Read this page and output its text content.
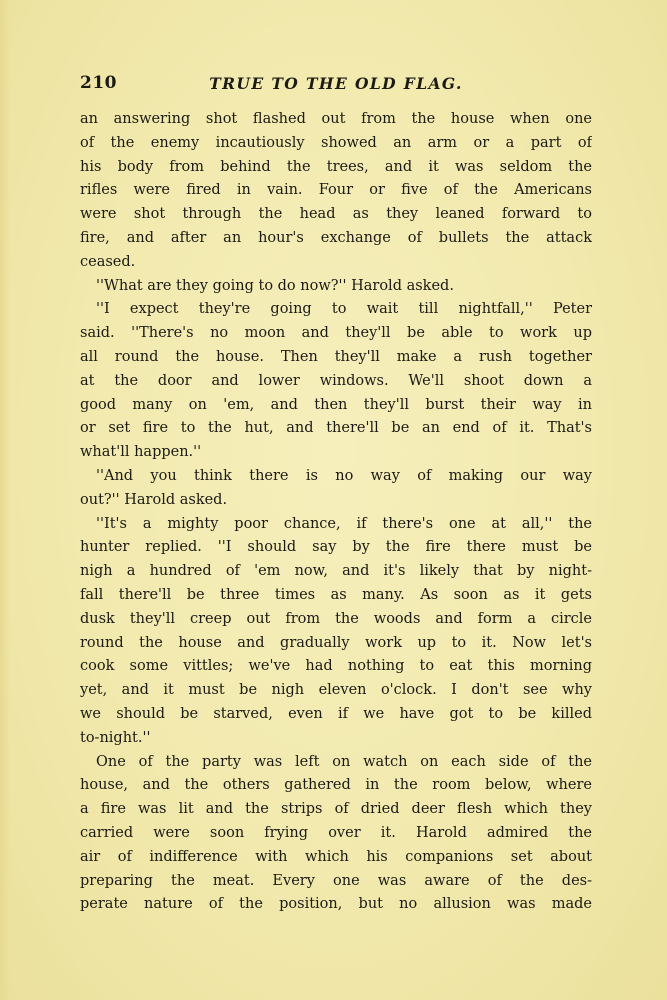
210	TRUE TO THE OLD FLAG.
an answering shot flashed out from the house when one
of the enemy incautiously showed an arm or a part of
his body from behind the trees, and it was seldom the
rifles were fired in vain. Four or five of the Americans
were shot through the head as they leaned forward to
fire, and after an hour's exchange of bullets the attack
ceased.
''What are they going to do now?'' Harold asked.
''I expect they're going to wait till nightfall,'' Peter
said. ''There's no moon and they'll be able to work up
all round the house. Then they'll make a rush together
at the door and lower windows. We'll shoot down a
good many on 'em, and then they'll burst their way in
or set fire to the hut, and there'll be an end of it. That's
what'll happen.''
''And you think there is no way of making our way
out?'' Harold asked.
''It's a mighty poor chance, if there's one at all,'' the
hunter replied. ''I should say by the fire there must be
nigh a hundred of 'em now, and it's likely that by night-
fall there'll be three times as many. As soon as it gets
dusk they'll creep out from the woods and form a circle
round the house and gradually work up to it. Now let's
cook some vittles; we've had nothing to eat this morning
yet, and it must be nigh eleven o'clock. I don't see why
we should be starved, even if we have got to be killed
to-night.''
One of the party was left on watch on each side of the
house, and the others gathered in the room below, where
a fire was lit and the strips of dried deer flesh which they
carried were soon frying over it. Harold admired the
air of indifference with which his companions set about
preparing the meat. Every one was aware of the des-
perate nature of the position, but no allusion was made
